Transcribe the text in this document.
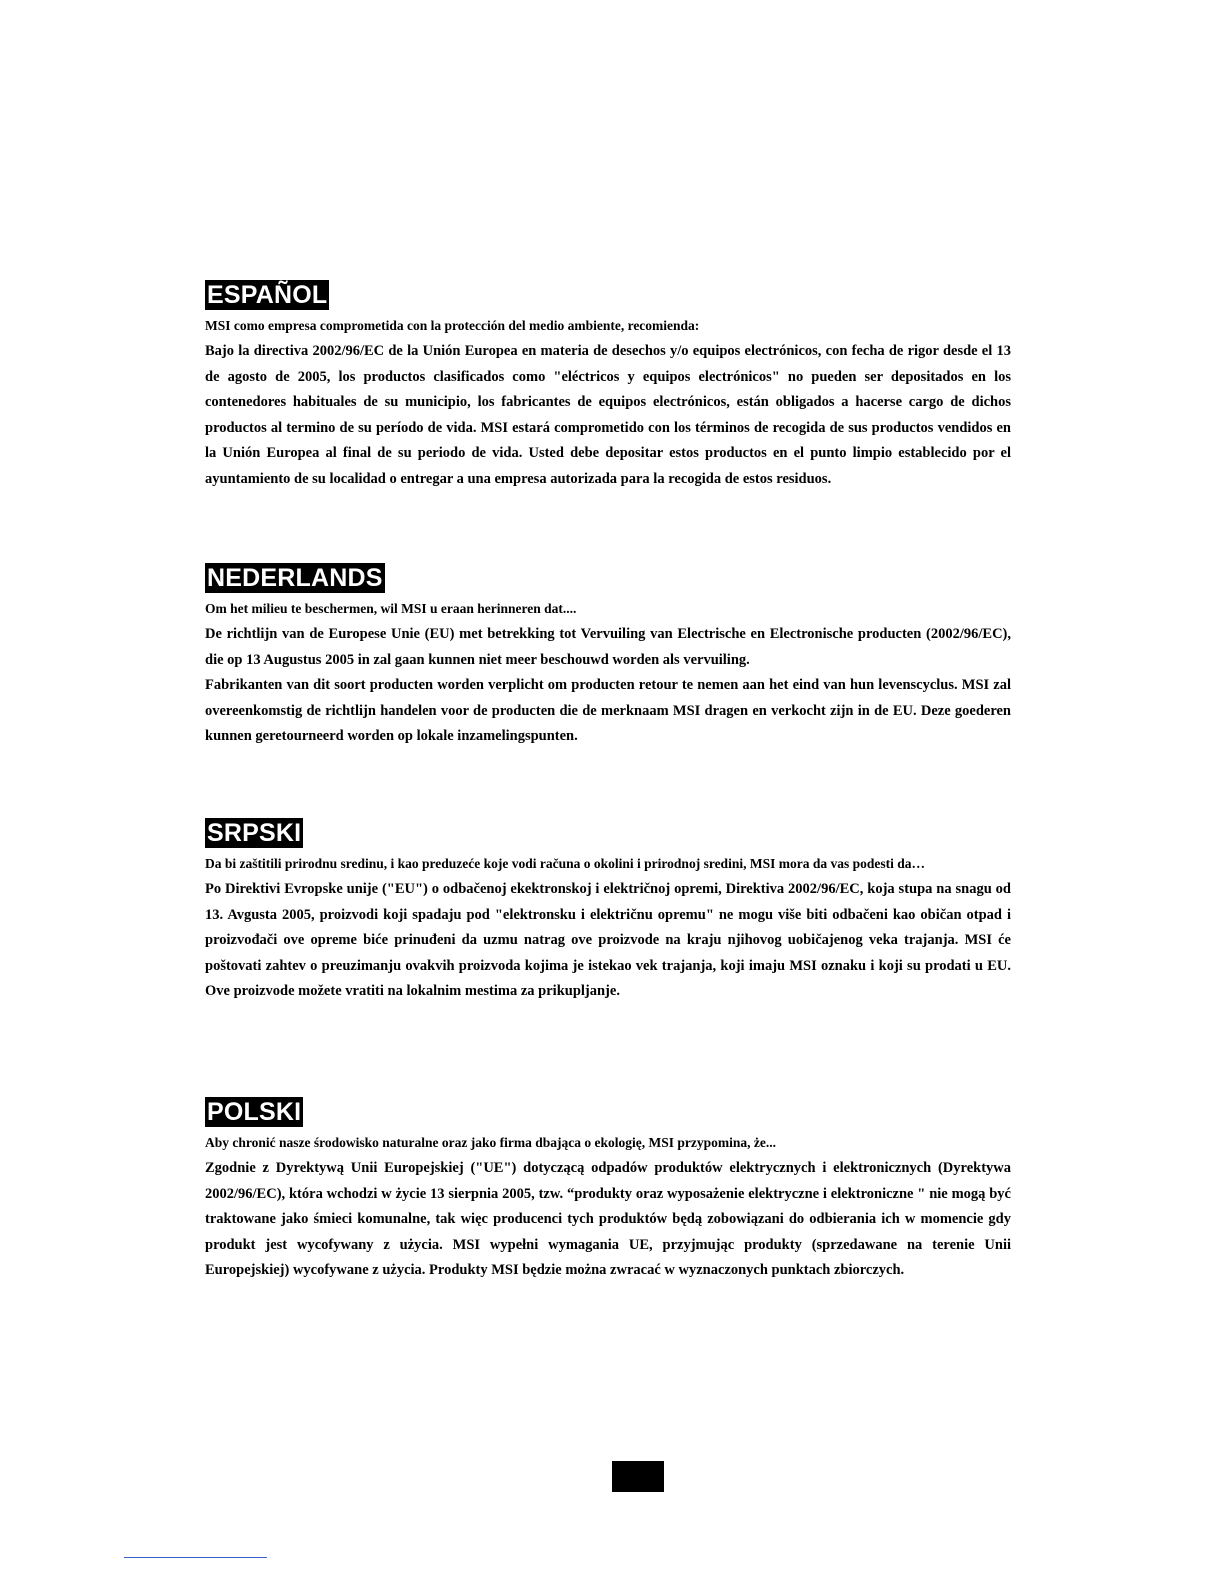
ESPAÑOL

MSI como empresa comprometida con la protección del medio ambiente, recomienda:

Bajo la directiva 2002/96/EC de la Unión Europea en materia de desechos y/o equipos electrónicos, con fecha de rigor desde el 13 de agosto de 2005, los productos clasificados como "eléctricos y equipos electrónicos" no pueden ser depositados en los contenedores habituales de su municipio, los fabricantes de equipos electrónicos, están obligados a hacerse cargo de dichos productos al termino de su período de vida. MSI estará comprometido con los términos de recogida de sus productos vendidos en la Unión Europea al final de su periodo de vida. Usted debe depositar estos productos en el punto limpio establecido por el ayuntamiento de su localidad o entregar a una empresa autorizada para la recogida de estos residuos.

NEDERLANDS

Om het milieu te beschermen, wil MSI u eraan herinneren dat....

De richtlijn van de Europese Unie (EU) met betrekking tot Vervuiling van Electrische en Electronische producten (2002/96/EC), die op 13 Augustus 2005 in zal gaan kunnen niet meer beschouwd worden als vervuiling.

Fabrikanten van dit soort producten worden verplicht om producten retour te nemen aan het eind van hun levenscyclus. MSI zal overeenkomstig de richtlijn handelen voor de producten die de merknaam MSI dragen en verkocht zijn in de EU. Deze goederen kunnen geretourneerd worden op lokale inzamelingspunten.

SRPSKI

Da bi zaštitili prirodnu sredinu, i kao preduzeće koje vodi računa o okolini i prirodnoj sredini, MSI mora da vas podesti da…

Po Direktivi Evropske unije ("EU") o odbačenoj ekektronskoj i električnoj opremi, Direktiva 2002/96/EC, koja stupa na snagu od 13. Avgusta 2005, proizvodi koji spadaju pod "elektronsku i električnu opremu" ne mogu više biti odbačeni kao običan otpad i proizvođači ove opreme biće prinuđeni da uzmu natrag ove proizvode na kraju njihovog uobičajenog veka trajanja. MSI će poštovati zahtev o preuzimanju ovakvih proizvoda kojima je istekao vek trajanja, koji imaju MSI oznaku i koji su prodati u EU. Ove proizvode možete vratiti na lokalnim mestima za prikupljanje.

POLSKI

Aby chronić nasze środowisko naturalne oraz jako firma dbająca o ekologię, MSI przypomina, że...

Zgodnie z Dyrektywą Unii Europejskiej ("UE") dotyczącą odpadów produktów elektrycznych i elektronicznych (Dyrektywa 2002/96/EC), która wchodzi w życie 13 sierpnia 2005, tzw. “produkty oraz wyposażenie elektryczne i elektroniczne " nie mogą być traktowane jako śmieci komunalne, tak więc producenci tych produktów będą zobowiązani do odbierania ich w momencie gdy produkt jest wycofywany z użycia. MSI wypełni wymagania UE, przyjmując produkty (sprzedawane na terenie Unii Europejskiej) wycofywane z użycia. Produkty MSI będzie można zwracać w wyznaczonych punktach zbiorczych.
